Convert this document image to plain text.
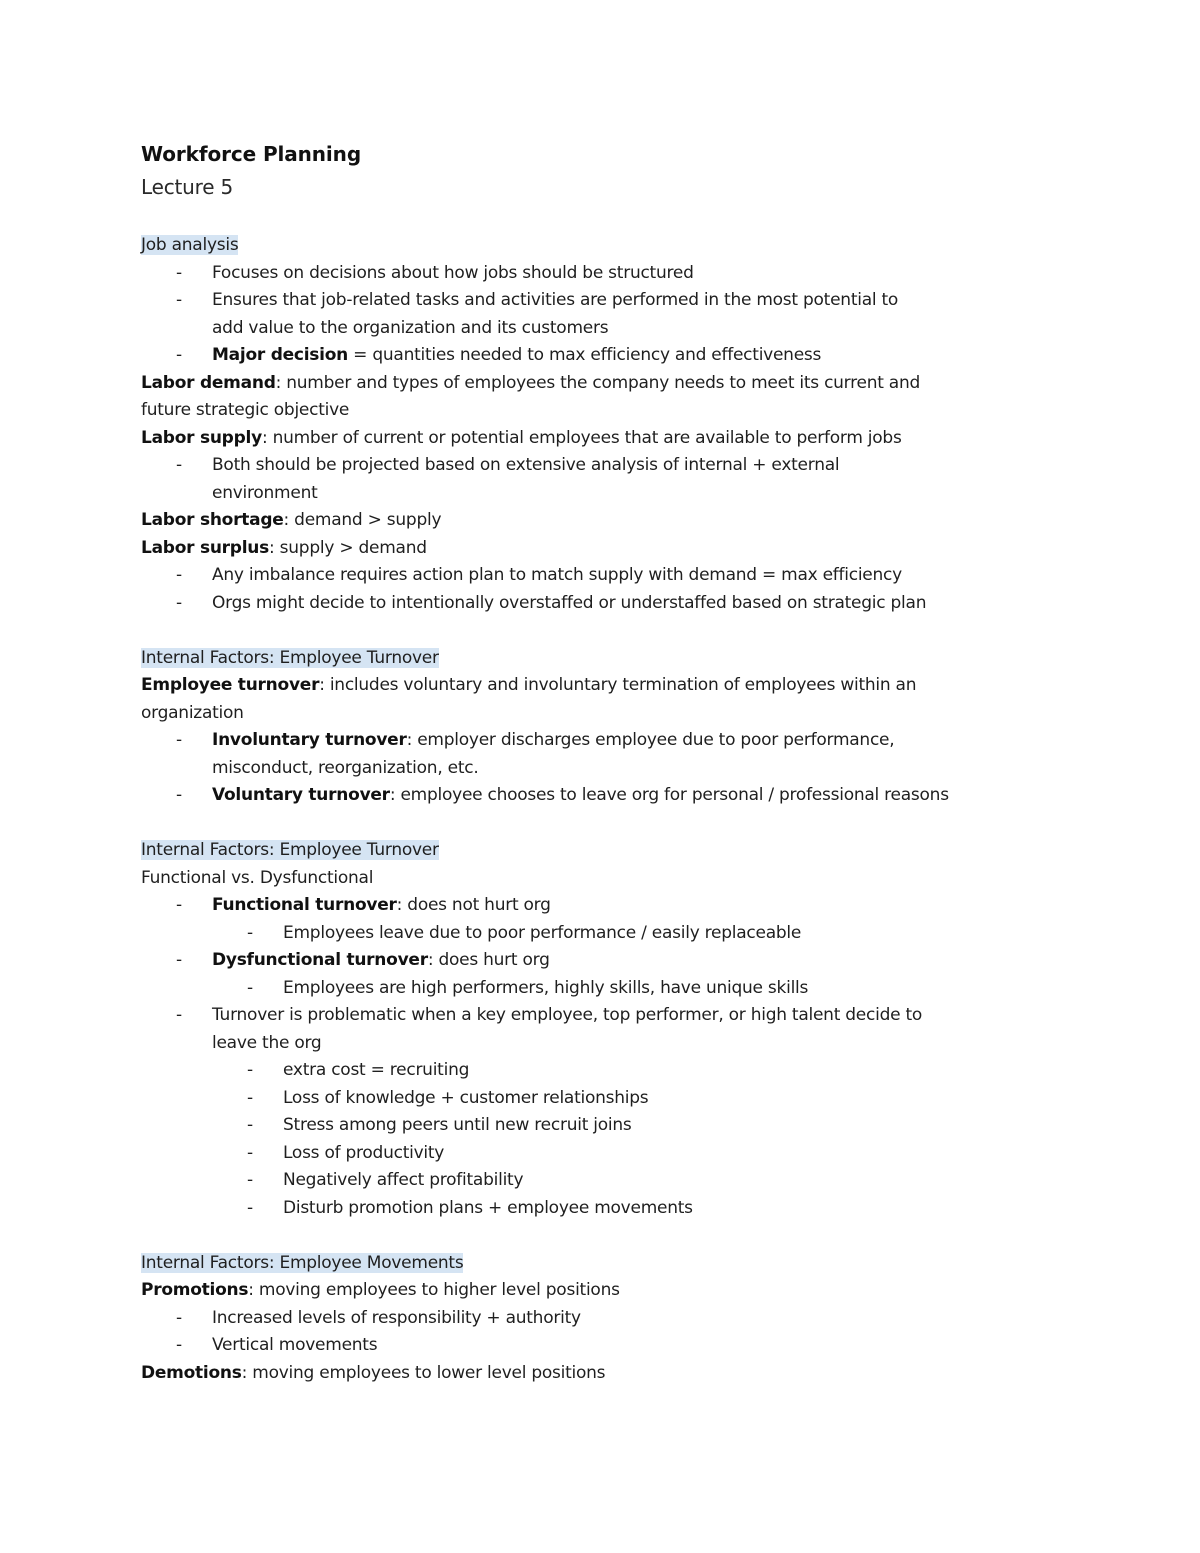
Workforce Planning
Lecture 5
Job analysis
- Focuses on decisions about how jobs should be structured
- Ensures that job-related tasks and activities are performed in the most potential to
add value to the organization and its customers
- Major decision = quantities needed to max efficiency and effectiveness
Labor demand: number and types of employees the company needs to meet its current and
future strategic objective
Labor supply: number of current or potential employees that are available to perform jobs
- Both should be projected based on extensive analysis of internal + external
environment
Labor shortage: demand > supply
Labor surplus: supply > demand
- Any imbalance requires action plan to match supply with demand = max efficiency
- Orgs might decide to intentionally overstaffed or understaffed based on strategic plan
Internal Factors: Employee Turnover
Employee turnover: includes voluntary and involuntary termination of employees within an
organization
- Involuntary turnover: employer discharges employee due to poor performance,
misconduct, reorganization, etc.
- Voluntary turnover: employee chooses to leave org for personal / professional reasons
Internal Factors: Employee Turnover
Functional vs. Dysfunctional
- Functional turnover: does not hurt org
- Employees leave due to poor performance / easily replaceable
- Dysfunctional turnover: does hurt org
- Employees are high performers, highly skills, have unique skills
- Turnover is problematic when a key employee, top performer, or high talent decide to
leave the org
- extra cost = recruiting
- Loss of knowledge + customer relationships
- Stress among peers until new recruit joins
- Loss of productivity
- Negatively affect profitability
- Disturb promotion plans + employee movements
Internal Factors: Employee Movements
Promotions: moving employees to higher level positions
- Increased levels of responsibility + authority
- Vertical movements
Demotions: moving employees to lower level positions
